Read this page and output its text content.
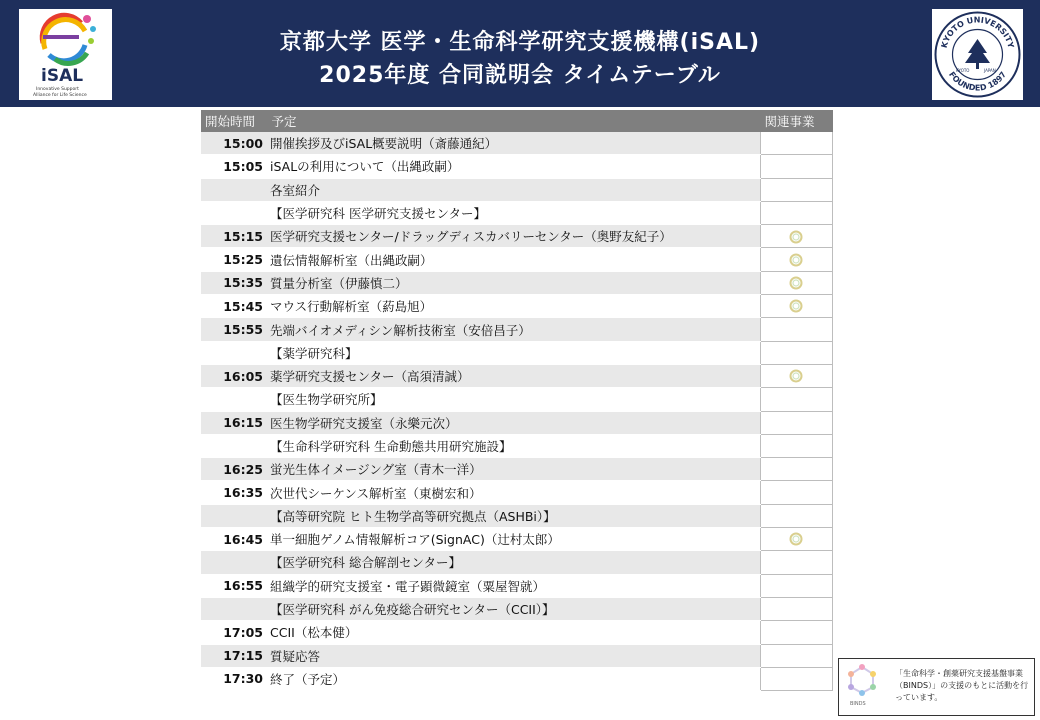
iSAL
Innovative Support
Alliance for Life Science
京都大学 医学・生命科学研究支援機構(iSAL)
2025年度 合同説明会 タイムテーブル
KYOTO UNIVERSITY
FOUNDED 1897
KYOTO	JAPAN
開始時間	予定	関連事業
15:00	開催挨拶及びiSAL概要説明（斎藤通紀）	
15:05	iSALの利用について（出縄政嗣）	
	各室紹介	
	【医学研究科 医学研究支援センター】	
15:15	医学研究支援センター/ドラッグディスカバリーセンター（奥野友紀子）	
15:25	遺伝情報解析室（出縄政嗣）	
15:35	質量分析室（伊藤慎二）	
15:45	マウス行動解析室（葯島旭）	
15:55	先端バイオメディシン解析技術室（安倍昌子）	
	【薬学研究科】	
16:05	薬学研究支援センター（高須清誠）	
	【医生物学研究所】	
16:15	医生物学研究支援室（永樂元次）	
	【生命科学研究科 生命動態共用研究施設】	
16:25	蛍光生体イメージング室（青木一洋）	
16:35	次世代シーケンス解析室（東樹宏和）	
	【高等研究院 ヒト生物学高等研究拠点（ASHBi）】	
16:45	単一細胞ゲノム情報解析コア(SignAC)（辻村太郎）	
	【医学研究科 総合解剖センター】	
16:55	組織学的研究支援室・電子顕微鏡室（粟屋智就）	
	【医学研究科 がん免疫総合研究センター（CCII）】	
17:05	CCII（松本健）	
17:15	質疑応答	
17:30	終了（予定）	
BINDS
「生命科学・創薬研究支援基盤事業（BINDS）」の支援のもとに活動を行っています。
